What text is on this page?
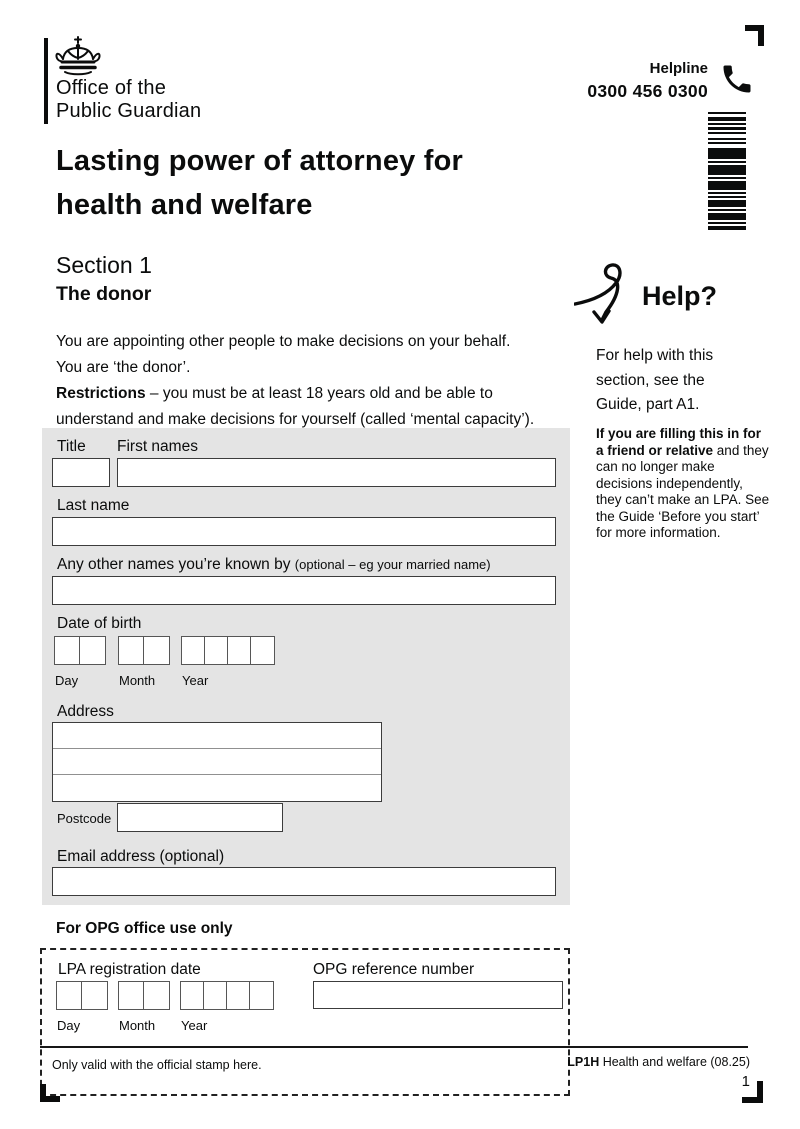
Office of the
Public Guardian
Helpline
0300 456 0300
Lasting power of attorney for
health and welfare
Section 1
The donor
You are appointing other people to make decisions on your behalf.
You are ‘the donor’.
Restrictions – you must be at least 18 years old and be able to understand and make decisions for yourself (called ‘mental capacity’).
Help?
For help with this section, see the Guide, part A1.
If you are filling this in for a friend or relative and they can no longer make decisions independently, they can’t make an LPA. See the Guide ‘Before you start’ for more information.
Title First names
Last name
Any other names you’re known by (optional – eg your married name)
Date of birth
Day	Month Year
Address
Postcode
Email address (optional)
For OPG office use only
LPA registration date	OPG reference number
Day	Month Year
Only valid with the official stamp here.	LP1H Health and welfare (08.25)
1
